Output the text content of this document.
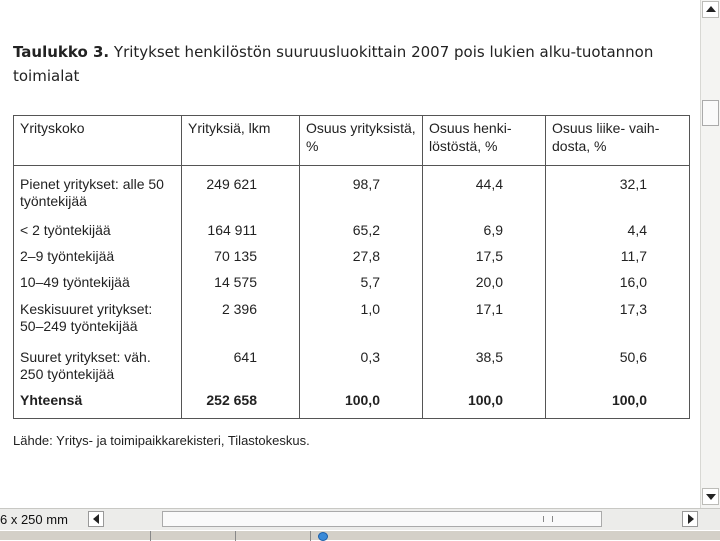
Taulukko 3. Yritykset henkilöstön suuruusluokittain 2007 pois lukien alku-tuotannon toimialat
Yrityskoko	Yrityksiä, lkm	Osuus yrityksistä, %	Osuus henki-löstöstä, %	Osuus liike- vaih-dosta, %
Pienet yritykset: alle 50 työntekijää	249 621	98,7	44,4	32,1
< 2 työntekijää	164 911	65,2	6,9	4,4
2–9 työntekijää	70 135	27,8	17,5	11,7
10–49 työntekijää	14 575	5,7	20,0	16,0
Keskisuuret yritykset: 50–249 työntekijää	2 396	1,0	17,1	17,3
Suuret yritykset: väh. 250 työntekijää	641	0,3	38,5	50,6
Yhteensä	252 658	100,0	100,0	100,0
Lähde: Yritys- ja toimipaikkarekisteri, Tilastokeskus.
6 x 250 mm
